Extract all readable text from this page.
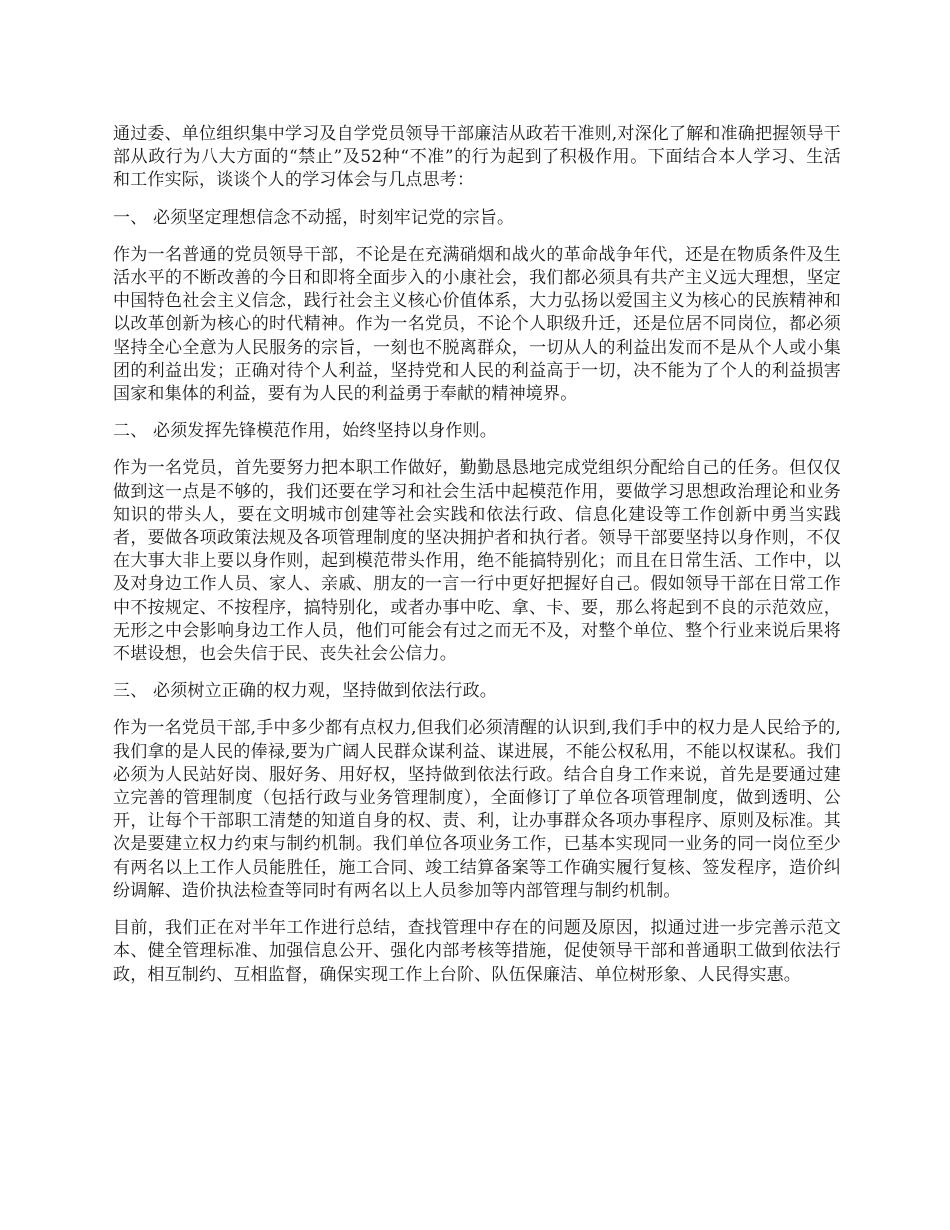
通过委、单位组织集中学习及自学党员领导干部廉洁从政若干准则,对深化了解和准确把握领导干部从政行为八大方面的“禁止”及52种“不准”的行为起到了积极作用。下面结合本人学习、生活和工作实际，谈谈个人的学习体会与几点思考：

一、 必须坚定理想信念不动摇，时刻牢记党的宗旨。

作为一名普通的党员领导干部，不论是在充满硝烟和战火的革命战争年代，还是在物质条件及生活水平的不断改善的今日和即将全面步入的小康社会，我们都必须具有共产主义远大理想，坚定中国特色社会主义信念，践行社会主义核心价值体系，大力弘扬以爱国主义为核心的民族精神和以改革创新为核心的时代精神。作为一名党员，不论个人职级升迁，还是位居不同岗位，都必须坚持全心全意为人民服务的宗旨，一刻也不脱离群众，一切从人的利益出发而不是从个人或小集团的利益出发；正确对待个人利益，坚持党和人民的利益高于一切，决不能为了个人的利益损害国家和集体的利益，要有为人民的利益勇于奉献的精神境界。

二、 必须发挥先锋模范作用，始终坚持以身作则。

作为一名党员，首先要努力把本职工作做好，勤勤恳恳地完成党组织分配给自己的任务。但仅仅做到这一点是不够的，我们还要在学习和社会生活中起模范作用，要做学习思想政治理论和业务知识的带头人，要在文明城市创建等社会实践和依法行政、信息化建设等工作创新中勇当实践者，要做各项政策法规及各项管理制度的坚决拥护者和执行者。领导干部要坚持以身作则，不仅在大事大非上要以身作则，起到模范带头作用，绝不能搞特别化；而且在日常生活、工作中，以及对身边工作人员、家人、亲戚、朋友的一言一行中更好把握好自己。假如领导干部在日常工作中不按规定、不按程序，搞特别化，或者办事中吃、拿、卡、要，那么将起到不良的示范效应，无形之中会影响身边工作人员，他们可能会有过之而无不及，对整个单位、整个行业来说后果将不堪设想，也会失信于民、丧失社会公信力。

三、 必须树立正确的权力观，坚持做到依法行政。

作为一名党员干部,手中多少都有点权力,但我们必须清醒的认识到,我们手中的权力是人民给予的,我们拿的是人民的俸禄,要为广阔人民群众谋利益、谋进展，不能公权私用，不能以权谋私。我们必须为人民站好岗、服好务、用好权，坚持做到依法行政。结合自身工作来说，首先是要通过建立完善的管理制度（包括行政与业务管理制度），全面修订了单位各项管理制度，做到透明、公开，让每个干部职工清楚的知道自身的权、责、利，让办事群众各项办事程序、原则及标准。其次是要建立权力约束与制约机制。我们单位各项业务工作，已基本实现同一业务的同一岗位至少有两名以上工作人员能胜任，施工合同、竣工结算备案等工作确实履行复核、签发程序，造价纠纷调解、造价执法检查等同时有两名以上人员参加等内部管理与制约机制。

目前，我们正在对半年工作进行总结，查找管理中存在的问题及原因，拟通过进一步完善示范文本、健全管理标准、加强信息公开、强化内部考核等措施，促使领导干部和普通职工做到依法行政，相互制约、互相监督，确保实现工作上台阶、队伍保廉洁、单位树形象、人民得实惠。
